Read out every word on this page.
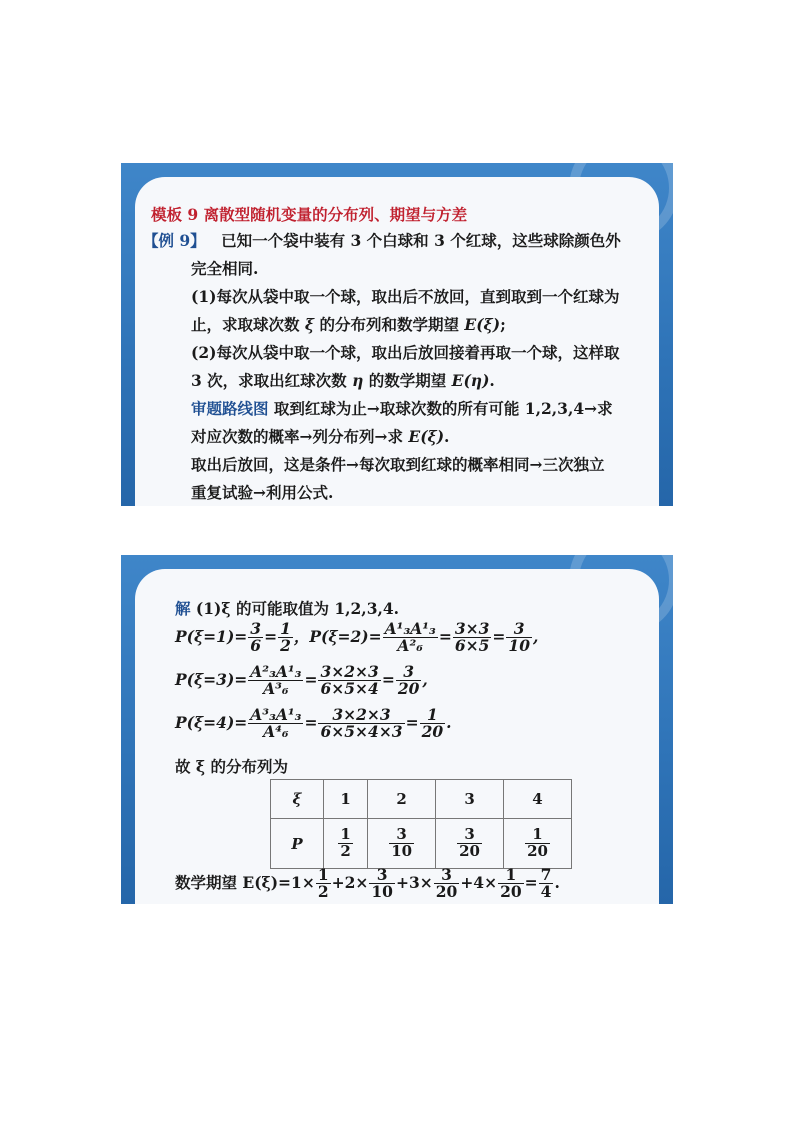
模板 9 离散型随机变量的分布列、期望与方差
【例 9】 已知一个袋中装有 3 个白球和 3 个红球，这些球除颜色外
完全相同.
(1)每次从袋中取一个球，取出后不放回，直到取到一个红球为
止，求取球次数 ξ 的分布列和数学期望 E(ξ);
(2)每次从袋中取一个球，取出后放回接着再取一个球，这样取
3 次，求取出红球次数 η 的数学期望 E(η).
审题路线图 取到红球为止→取球次数的所有可能 1,2,3,4→求
对应次数的概率→列分布列→求 E(ξ).
取出后放回，这是条件→每次取到红球的概率相同→三次独立
重复试验→利用公式.
解 (1)ξ 的可能取值为 1,2,3,4.
$P(\xi=1)= \frac{3}{6} = \frac{1}{2}$ ，$P(\xi=2)= \frac{\text{A¹₃A¹₃}}{\text{A²₆}} = \frac{3\times 3}{6\times 5} = \frac{3}{10}$ ,
$P(\xi=3)= \frac{\text{A²₃A¹₃}}{\text{A³₆}} = \frac{3\times 2\times 3}{6\times 5\times 4} = \frac{3}{20}$ ,
$P(\xi=4)= \frac{\text{A³₃A¹₃}}{\text{A⁴₆}} = \frac{3\times 2\times 3}{6\times 5\times 4\times 3} = \frac{1}{20}$ .
故 ξ 的分布列为
ξ	1	2	3	4
P	$\frac{1}{2}$	$\frac{3}{10}$	$\frac{3}{20}$	$\frac{1}{20}$
数学期望 $E(\xi)=1\times \frac{1}{2} +2\times \frac{3}{10} +3\times \frac{3}{20} +4\times \frac{1}{20} = \frac{7}{4}$ .
